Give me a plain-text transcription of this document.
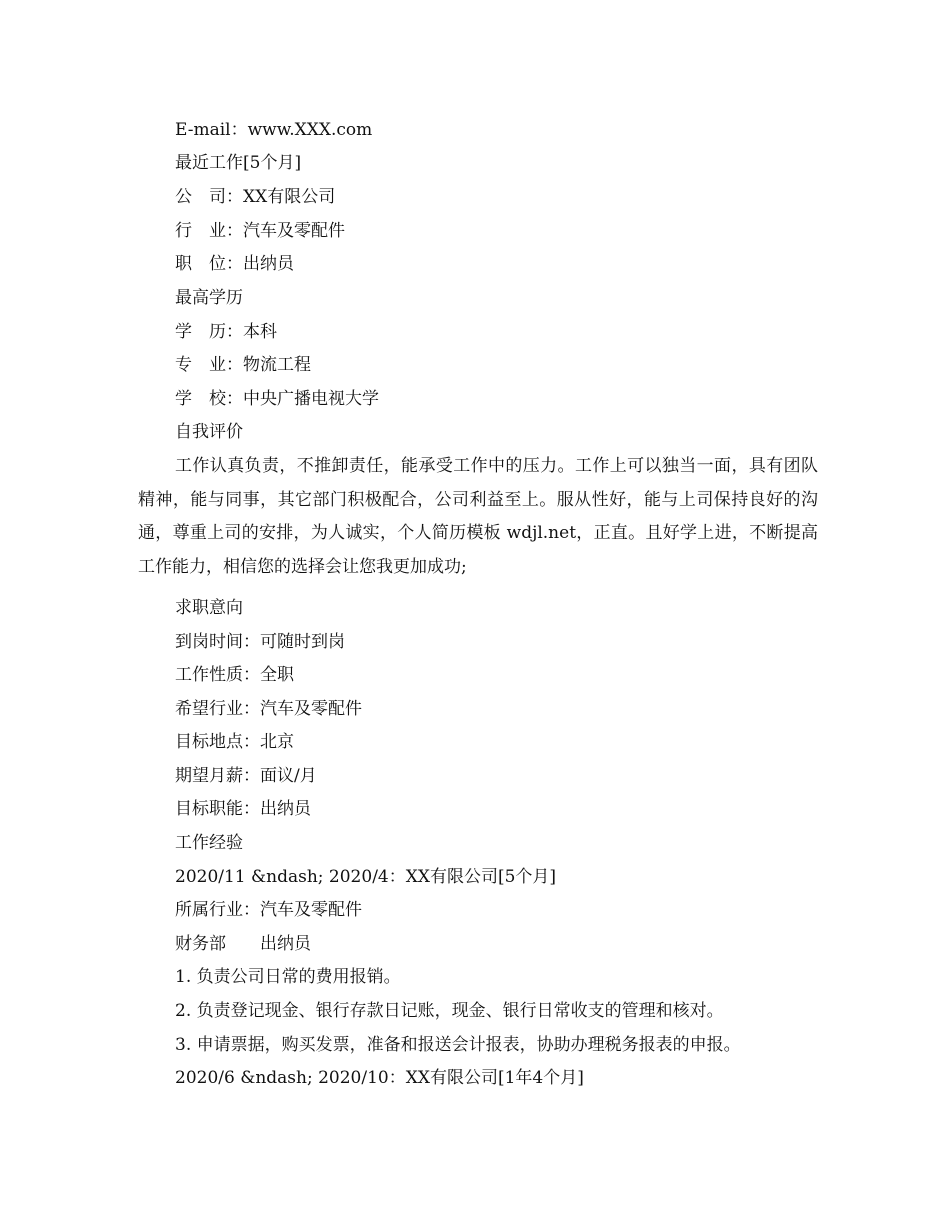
E-mail：www.XXX.com
最近工作[5个月]
公　司：XX有限公司
行　业：汽车及零配件
职　位：出纳员
最高学历
学　历：本科
专　业：物流工程
学　校：中央广播电视大学
自我评价
工作认真负责，不推卸责任，能承受工作中的压力。工作上可以独当一面，具有团队精神，能与同事，其它部门积极配合，公司利益至上。服从性好，能与上司保持良好的沟通，尊重上司的安排，为人诚实，个人简历模板 wdjl.net，正直。且好学上进，不断提高工作能力，相信您的选择会让您我更加成功;
求职意向
到岗时间：可随时到岗
工作性质：全职
希望行业：汽车及零配件
目标地点：北京
期望月薪：面议/月
目标职能：出纳员
工作经验
2020/11 &ndash; 2020/4：XX有限公司[5个月]
所属行业：汽车及零配件
财务部　　出纳员
1. 负责公司日常的费用报销。
2. 负责登记现金、银行存款日记账，现金、银行日常收支的管理和核对。
3. 申请票据，购买发票，准备和报送会计报表，协助办理税务报表的申报。
2020/6 &ndash; 2020/10：XX有限公司[1年4个月]
